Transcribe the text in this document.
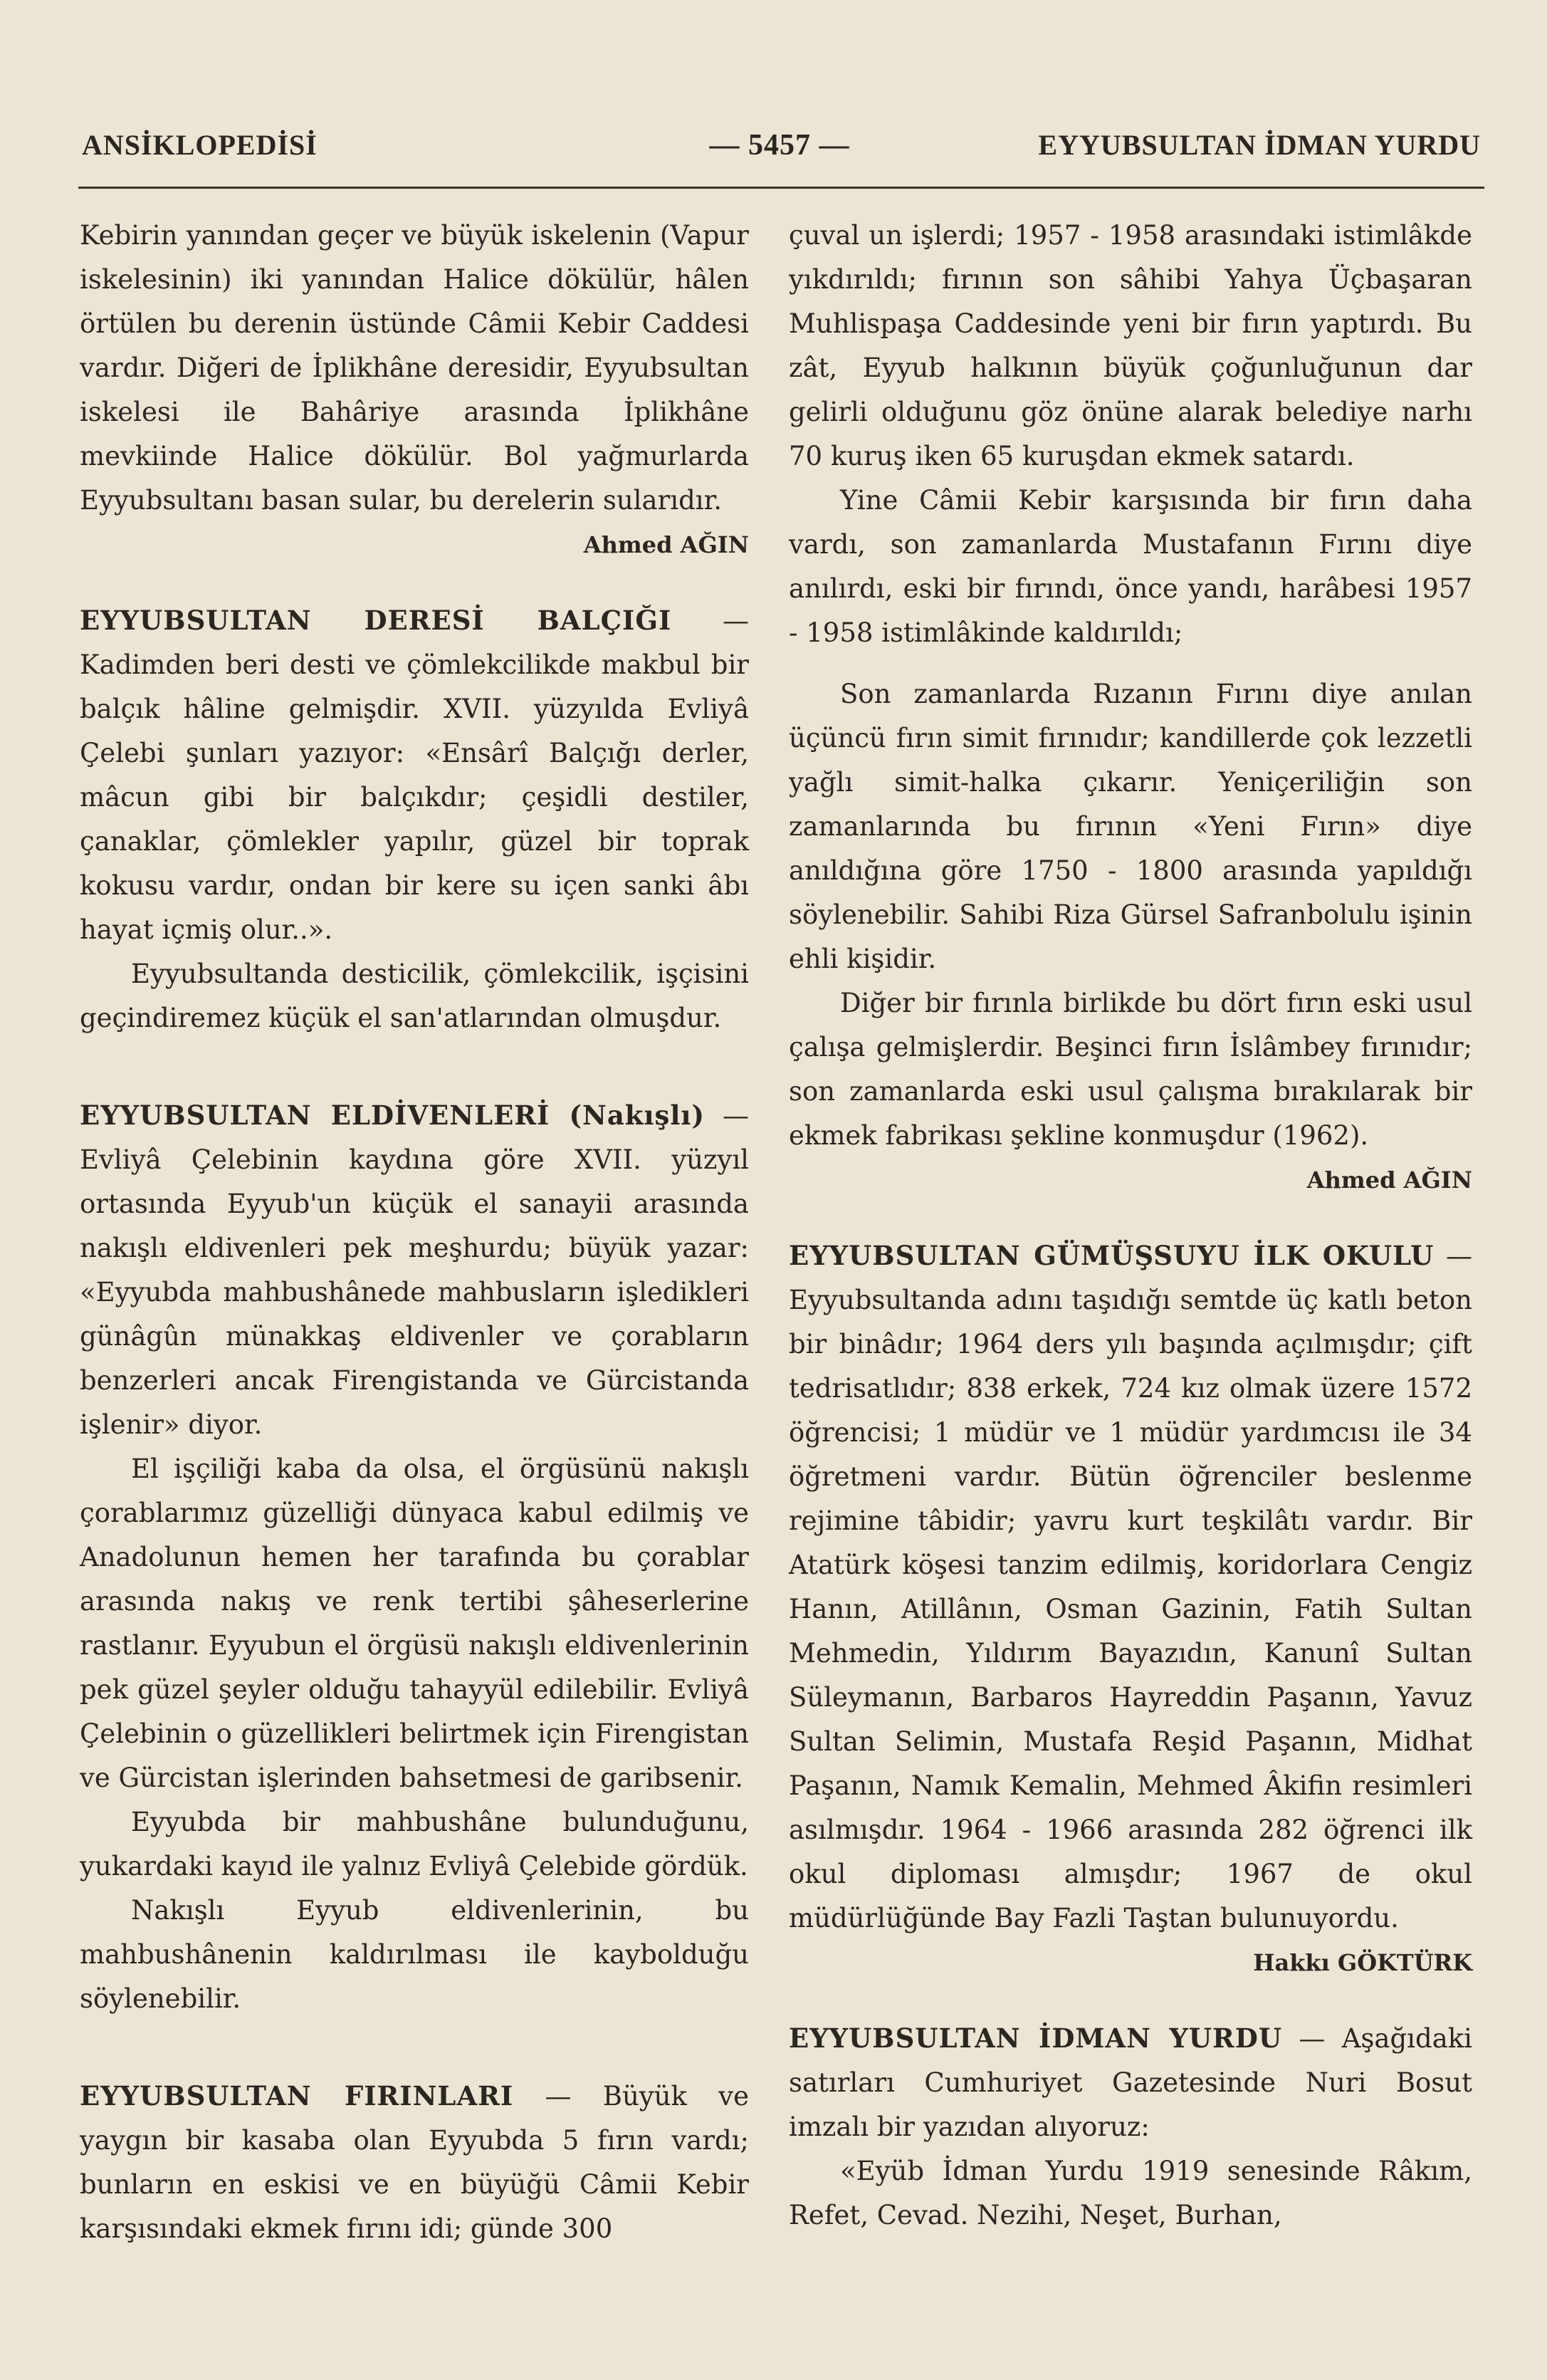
ANSİKLOPEDİSİ	— 5457 —	EYYUBSULTAN İDMAN YURDU

Kebirin yanından geçer ve büyük iskelenin (Vapur iskelesinin) iki yanından Halice dökülür, hâlen örtülen bu derenin üstünde Câmii Kebir Caddesi vardır. Diğeri de İplikhâne deresidir, Eyyubsultan iskelesi ile Bahâriye arasında İplikhâne mevkiinde Halice dökülür. Bol yağmurlarda Eyyubsultanı basan sular, bu derelerin sularıdır.

Ahmed AĞIN

EYYUBSULTAN DERESİ BALÇIĞI — Kadimden beri desti ve çömlekcilikde makbul bir balçık hâline gelmişdir. XVII. yüzyılda Evliyâ Çelebi şunları yazıyor: «Ensârî Balçığı derler, mâcun gibi bir balçıkdır; çeşidli destiler, çanaklar, çömlekler yapılır, güzel bir toprak kokusu vardır, ondan bir kere su içen sanki âbı hayat içmiş olur..».

Eyyubsultanda desticilik, çömlekcilik, işçisini geçindiremez küçük el san'atlarından olmuşdur.

EYYUBSULTAN ELDİVENLERİ (Nakışlı) — Evliyâ Çelebinin kaydına göre XVII. yüzyıl ortasında Eyyub'un küçük el sanayii arasında nakışlı eldivenleri pek meşhurdu; büyük yazar: «Eyyubda mahbushânede mahbusların işledikleri günâgûn münakkaş eldivenler ve çorabların benzerleri ancak Firengistanda ve Gürcistanda işlenir» diyor.

El işçiliği kaba da olsa, el örgüsünü nakışlı çorablarımız güzelliği dünyaca kabul edilmiş ve Anadolunun hemen her tarafında bu çorablar arasında nakış ve renk tertibi şâheserlerine rastlanır. Eyyubun el örgüsü nakışlı eldivenlerinin pek güzel şeyler olduğu tahayyül edilebilir. Evliyâ Çelebinin o güzellikleri belirtmek için Firengistan ve Gürcistan işlerinden bahsetmesi de garibsenir.

Eyyubda bir mahbushâne bulunduğunu, yukardaki kayıd ile yalnız Evliyâ Çelebide gördük.

Nakışlı Eyyub eldivenlerinin, bu mahbushânenin kaldırılması ile kaybolduğu söylenebilir.

EYYUBSULTAN FIRINLARI — Büyük ve yaygın bir kasaba olan Eyyubda 5 fırın vardı; bunların en eskisi ve en büyüğü Câmii Kebir karşısındaki ekmek fırını idi; günde 300

çuval un işlerdi; 1957 - 1958 arasındaki istimlâkde yıkdırıldı; fırının son sâhibi Yahya Üçbaşaran Muhlispaşa Caddesinde yeni bir fırın yaptırdı. Bu zât, Eyyub halkının büyük çoğunluğunun dar gelirli olduğunu göz önüne alarak belediye narhı 70 kuruş iken 65 kuruşdan ekmek satardı.

Yine Câmii Kebir karşısında bir fırın daha vardı, son zamanlarda Mustafanın Fırını diye anılırdı, eski bir fırındı, önce yandı, harâbesi 1957 - 1958 istimlâkinde kaldırıldı;

Son zamanlarda Rızanın Fırını diye anılan üçüncü fırın simit fırınıdır; kandillerde çok lezzetli yağlı simit-halka çıkarır. Yeniçeriliğin son zamanlarında bu fırının «Yeni Fırın» diye anıldığına göre 1750 - 1800 arasında yapıldığı söylenebilir. Sahibi Riza Gürsel Safranbolulu işinin ehli kişidir.

Diğer bir fırınla birlikde bu dört fırın eski usul çalışa gelmişlerdir. Beşinci fırın İslâmbey fırınıdır; son zamanlarda eski usul çalışma bırakılarak bir ekmek fabrikası şekline konmuşdur (1962).

Ahmed AĞIN

EYYUBSULTAN GÜMÜŞSUYU İLK OKULU — Eyyubsultanda adını taşıdığı semtde üç katlı beton bir binâdır; 1964 ders yılı başında açılmışdır; çift tedrisatlıdır; 838 erkek, 724 kız olmak üzere 1572 öğrencisi; 1 müdür ve 1 müdür yardımcısı ile 34 öğretmeni vardır. Bütün öğrenciler beslenme rejimine tâbidir; yavru kurt teşkilâtı vardır. Bir Atatürk köşesi tanzim edilmiş, koridorlara Cengiz Hanın, Atillânın, Osman Gazinin, Fatih Sultan Mehmedin, Yıldırım Bayazıdın, Kanunî Sultan Süleymanın, Barbaros Hayreddin Paşanın, Yavuz Sultan Selimin, Mustafa Reşid Paşanın, Midhat Paşanın, Namık Kemalin, Mehmed Âkifin resimleri asılmışdır. 1964 - 1966 arasında 282 öğrenci ilk okul diploması almışdır; 1967 de okul müdürlüğünde Bay Fazli Taştan bulunuyordu.

Hakkı GÖKTÜRK

EYYUBSULTAN İDMAN YURDU — Aşağıdaki satırları Cumhuriyet Gazetesinde Nuri Bosut imzalı bir yazıdan alıyoruz:

«Eyüb İdman Yurdu 1919 senesinde Râkım, Refet, Cevad. Nezihi, Neşet, Burhan,
